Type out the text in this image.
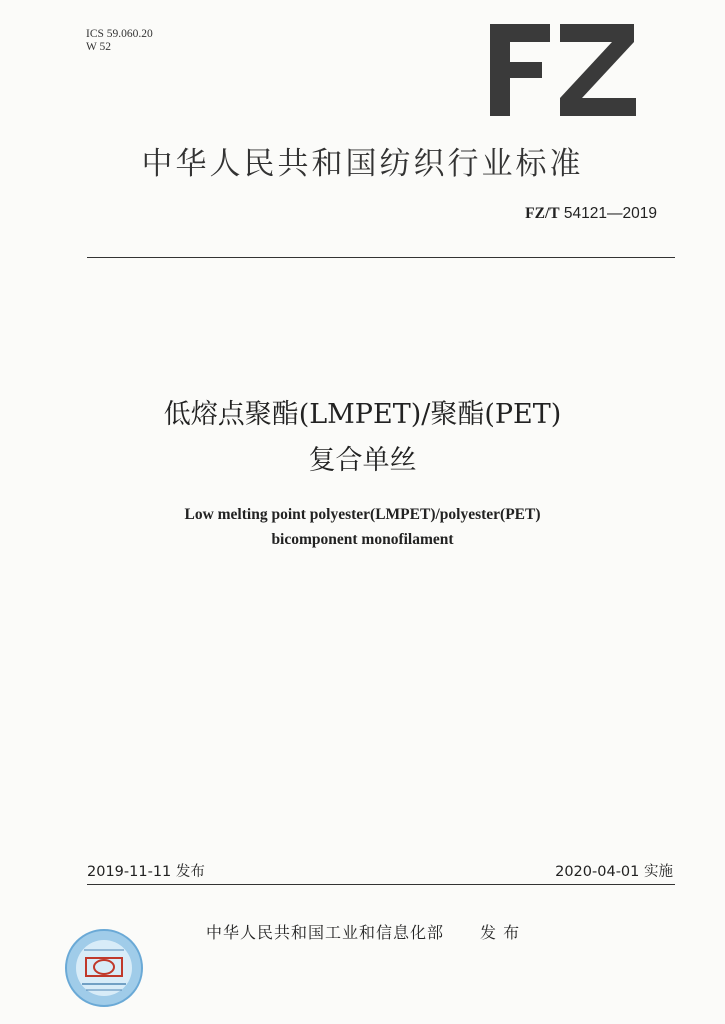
ICS 59.060.20
W 52
中华人民共和国纺织行业标准
FZ/T 54121—2019
低熔点聚酯(LMPET)/聚酯(PET)
复合单丝
Low melting point polyester(LMPET)/polyester(PET)
bicomponent monofilament
2019-11-11 发布	2020-04-01 实施
中华人民共和国工业和信息化部 发 布
